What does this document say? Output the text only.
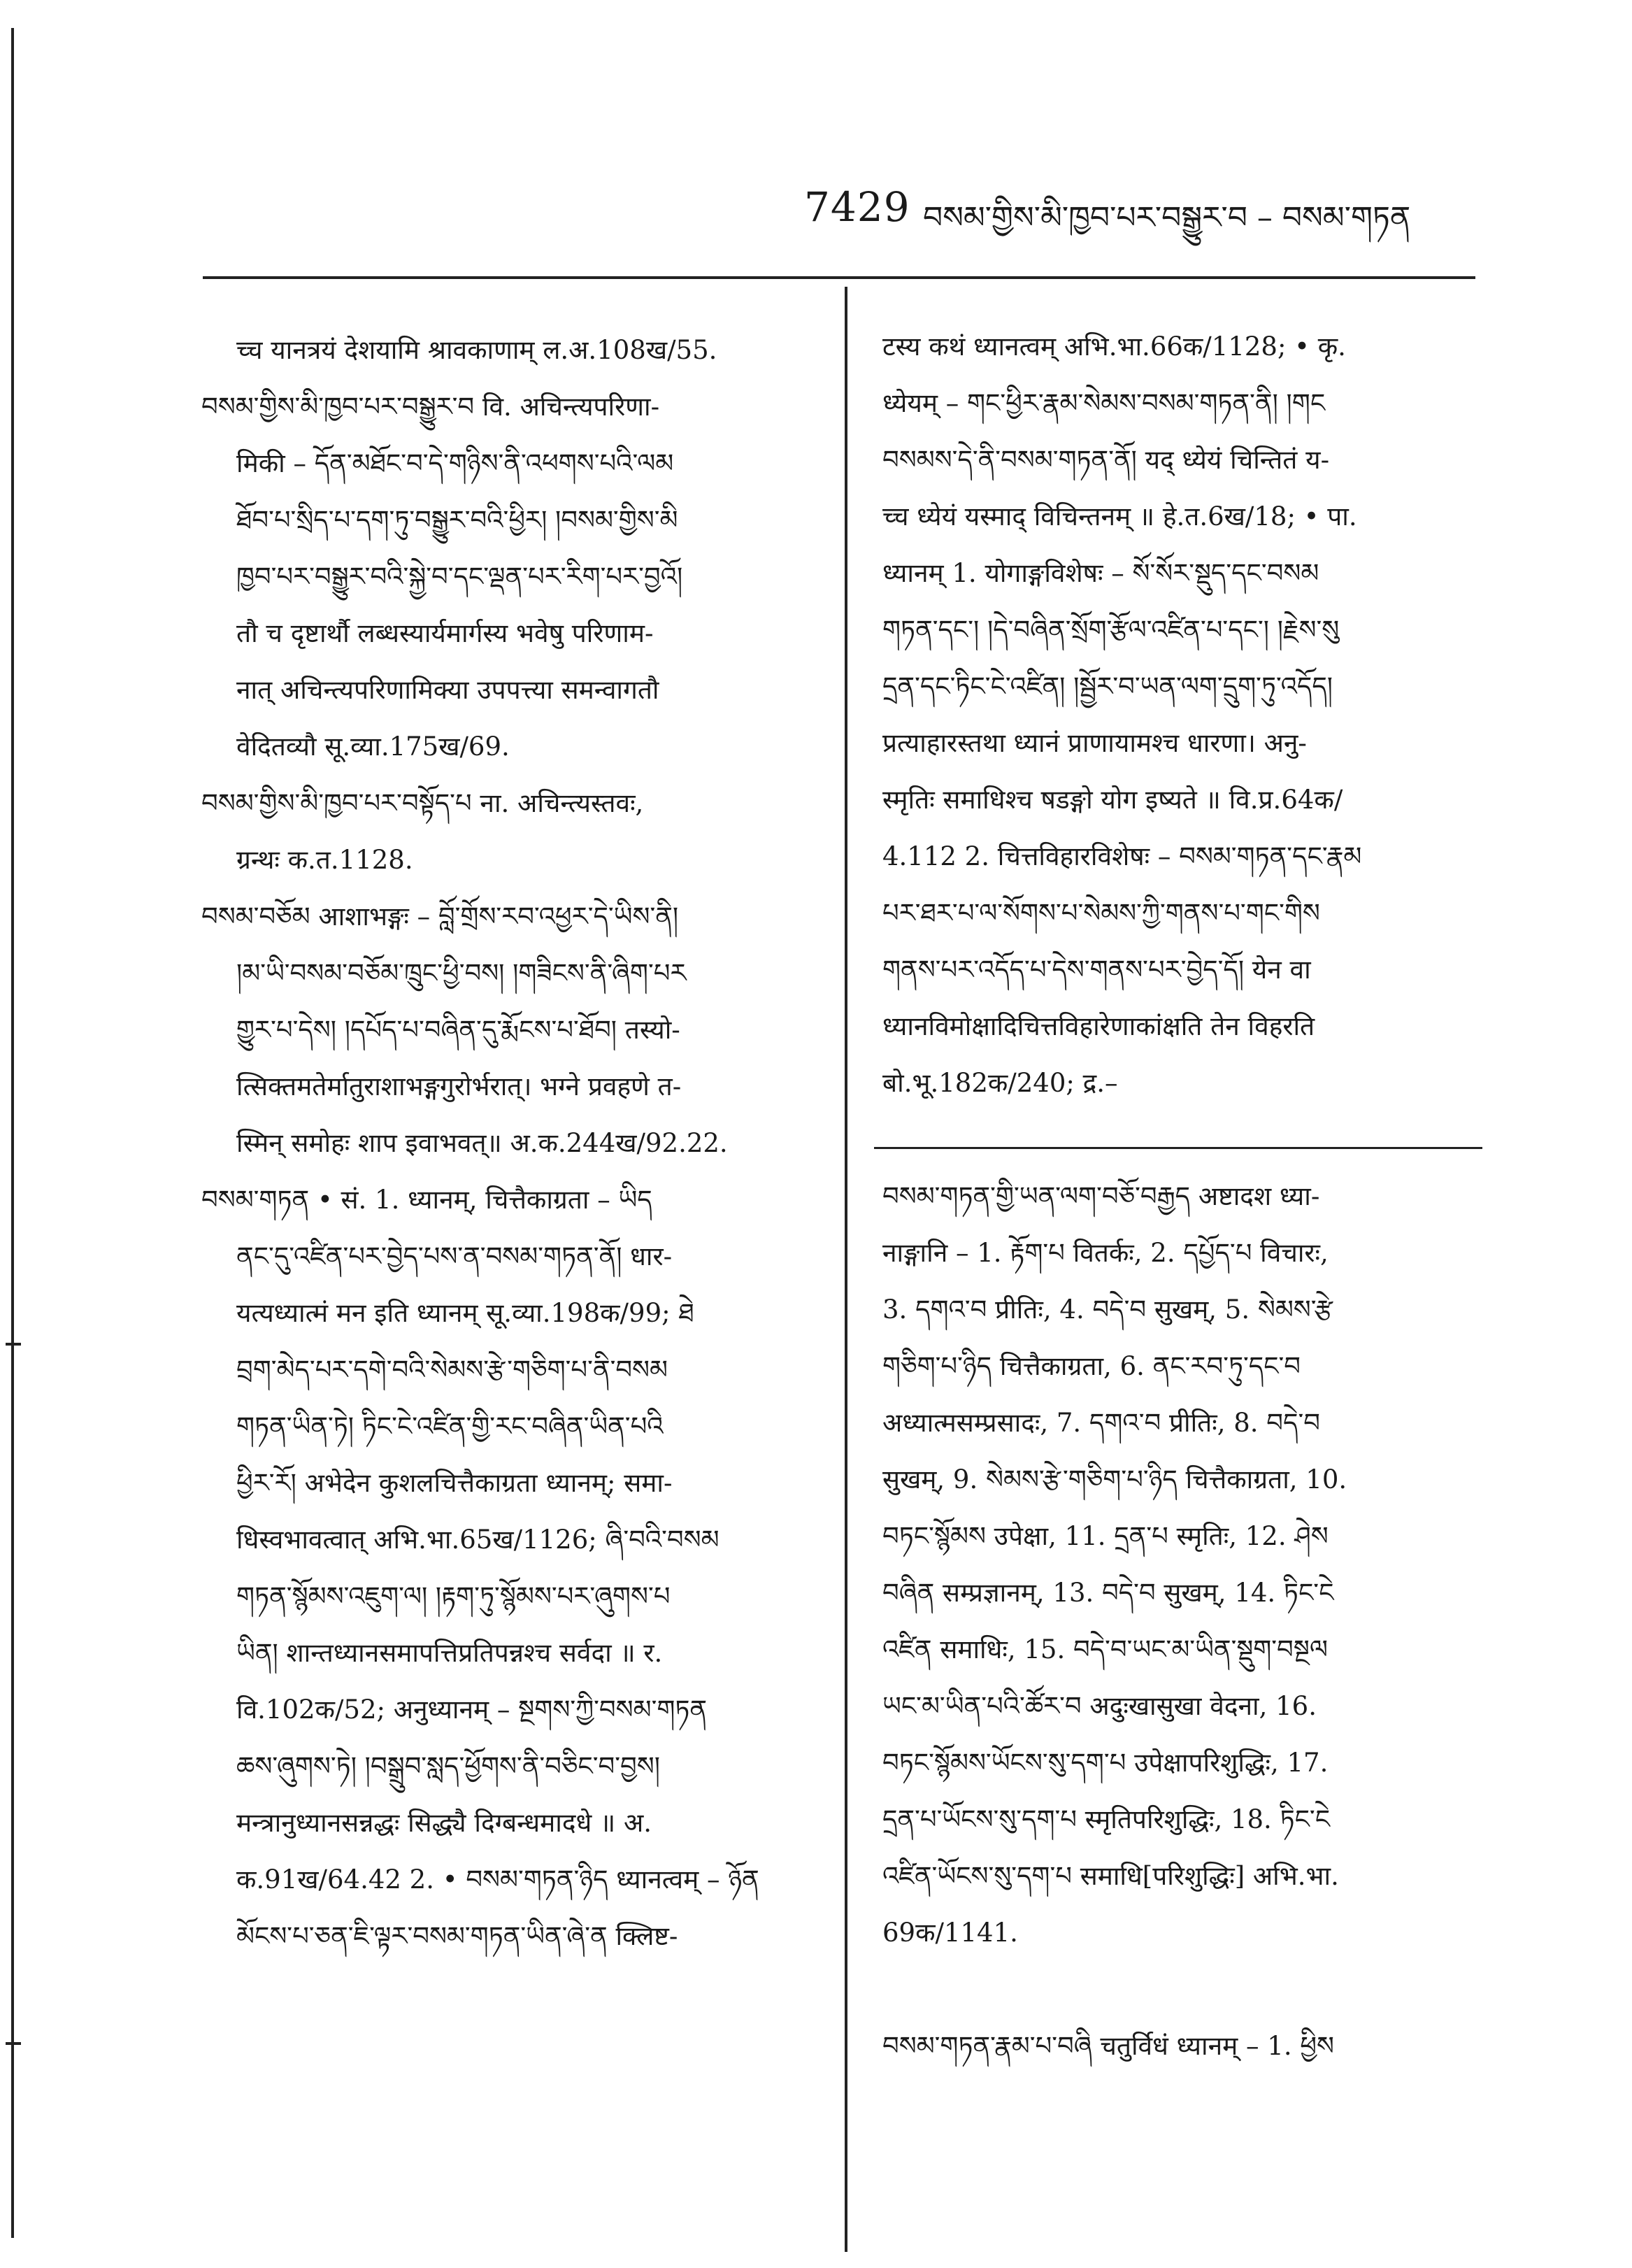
7429 བསམ་གྱིས་མི་ཁྱབ་པར་བསྒྱུར་བ – བསམ་གཏན
च्च यानत्रयं देशयामि श्रावकाणाम् ल.अ.108ख/55.
བསམ་གྱིས་མི་ཁྱབ་པར་བསྒྱུར་བ वि. अचिन्त्यपरिणा-
मिकी – དོན་མཐོང་བ་དེ་གཉིས་ནི་འཕགས་པའི་ལམ
ཐོབ་པ་སྲིད་པ་དག་ཏུ་བསྒྱུར་བའི་ཕྱིར། །བསམ་གྱིས་མི
ཁྱབ་པར་བསྒྱུར་བའི་སྐྱེ་བ་དང་ལྡན་པར་རིག་པར་བྱའོ།
तौ च दृष्टार्थौ लब्धस्यार्यमार्गस्य भवेषु परिणाम-
नात् अचिन्त्यपरिणामिक्या उपपत्त्या समन्वागतौ
वेदितव्यौ सू.व्या.175ख/69.
བསམ་གྱིས་མི་ཁྱབ་པར་བསྟོད་པ ना. अचिन्त्यस्तवः,
ग्रन्थः क.त.1128.
བསམ་བཅོམ आशाभङ्गः – བློ་གྲོས་རབ་འཕྱར་དེ་ཡིས་ནི།
།མ་ཡི་བསམ་བཅོམ་ཁྲུང་ཕྱི་བས། །གཟིངས་ནི་ཞིག་པར
གྱུར་པ་དེས། །དཔོད་པ་བཞིན་དུ་རྨོངས་པ་ཐོབ། तस्यो-
त्सिक्तमतेर्मातुराशाभङ्गगुरोर्भरात्। भग्ने प्रवहणे त-
स्मिन् समोहः शाप इवाभवत्॥ अ.क.244ख/92.22.
བསམ་གཏན • सं. 1. ध्यानम्, चित्तैकाग्रता – ཡིད
ནང་དུ་འཛིན་པར་བྱེད་པས་ན་བསམ་གཏན་ནོ། धार-
यत्यध्यात्मं मन इति ध्यानम् सू.व्या.198क/99; ཐེ
བྲག་མེད་པར་དགེ་བའི་སེམས་རྩེ་གཅིག་པ་ནི་བསམ
གཏན་ཡིན་ཏེ། ཏིང་ངེ་འཛིན་གྱི་རང་བཞིན་ཡིན་པའི
ཕྱིར་རོ། अभेदेन कुशलचित्तैकाग्रता ध्यानम्; समा-
धिस्वभावत्वात् अभि.भा.65ख/1126; ཞི་བའི་བསམ
གཏན་སྙོམས་འཇུག་ལ། །རྟག་ཏུ་སྙོམས་པར་ཞུགས་པ
ཡིན། शान्तध्यानसमापत्तिप्रतिपन्नश्च सर्वदा ॥ र.
वि.102क/52; अनुध्यानम् – སྔགས་ཀྱི་བསམ་གཏན
ཆས་ཞུགས་ཏེ། །བསྒྲུབ་སླད་ཕྱོགས་ནི་བཅིང་བ་བྱས།
मन्त्रानुध्यानसन्नद्धः सिद्ध्यै दिग्बन्धमादधे ॥ अ.
क.91ख/64.42 2. • བསམ་གཏན་ཉིད ध्यानत्वम् – ཉོན
མོངས་པ་ཅན་ཇི་ལྟར་བསམ་གཏན་ཡིན་ཞེ་ན क्लिष्ट-
टस्य कथं ध्यानत्वम् अभि.भा.66क/1128; • कृ.
ध्येयम् – གང་ཕྱིར་རྣམ་སེམས་བསམ་གཏན་ནི། །གང
བསམས་དེ་ནི་བསམ་གཏན་ནོ། यद् ध्येयं चिन्तितं य-
च्च ध्येयं यस्माद् विचिन्तनम् ॥ हे.त.6ख/18; • पा.
ध्यानम् 1. योगाङ्गविशेषः – སོ་སོར་སྡུད་དང་བསམ
གཏན་དང་། །དེ་བཞིན་སྲོག་རྩོལ་འཛིན་པ་དང་། །རྗེས་སུ
དྲན་དང་ཏིང་ངེ་འཛིན། །སྦྱོར་བ་ཡན་ལག་དྲུག་ཏུ་འདོད།
प्रत्याहारस्तथा ध्यानं प्राणायामश्च धारणा। अनु-
स्मृतिः समाधिश्च षडङ्गो योग इष्यते ॥ वि.प्र.64क/
4.112 2. चित्तविहारविशेषः – བསམ་གཏན་དང་རྣམ
པར་ཐར་པ་ལ་སོགས་པ་སེམས་ཀྱི་གནས་པ་གང་གིས
གནས་པར་འདོད་པ་དེས་གནས་པར་བྱེད་དོ། येन वा
ध्यानविमोक्षादिचित्तविहारेणाकांक्षति तेन विहरति
बो.भू.182क/240; द्र.–
བསམ་གཏན་གྱི་ཡན་ལག་བཅོ་བརྒྱད अष्टादश ध्या-
नाङ्गानि – 1. རྟོག་པ वितर्कः, 2. དཔྱོད་པ विचारः,
3. དགའ་བ प्रीतिः, 4. བདེ་བ सुखम्, 5. སེམས་རྩེ
གཅིག་པ་ཉིད चित्तैकाग्रता, 6. ནང་རབ་ཏུ་དང་བ
अध्यात्मसम्प्रसादः, 7. དགའ་བ प्रीतिः, 8. བདེ་བ
सुखम्, 9. སེམས་རྩེ་གཅིག་པ་ཉིད चित्तैकाग्रता, 10.
བཏང་སྙོམས उपेक्षा, 11. དྲན་པ स्मृतिः, 12. ཤེས
བཞིན सम्प्रज्ञानम्, 13. བདེ་བ सुखम्, 14. ཏིང་ངེ
འཛིན समाधिः, 15. བདེ་བ་ཡང་མ་ཡིན་སྡུག་བསྔལ
ཡང་མ་ཡིན་པའི་ཚོར་བ अदुःखासुखा वेदना, 16.
བཏང་སྙོམས་ཡོངས་སུ་དག་པ उपेक्षापरिशुद्धिः, 17.
དྲན་པ་ཡོངས་སུ་དག་པ स्मृतिपरिशुद्धिः, 18. ཏིང་ངེ
འཛིན་ཡོངས་སུ་དག་པ समाधि[परिशुद्धिः] अभि.भा.
69क/1141.

བསམ་གཏན་རྣམ་པ་བཞི चतुर्विधं ध्यानम् – 1. ཕྱིས
